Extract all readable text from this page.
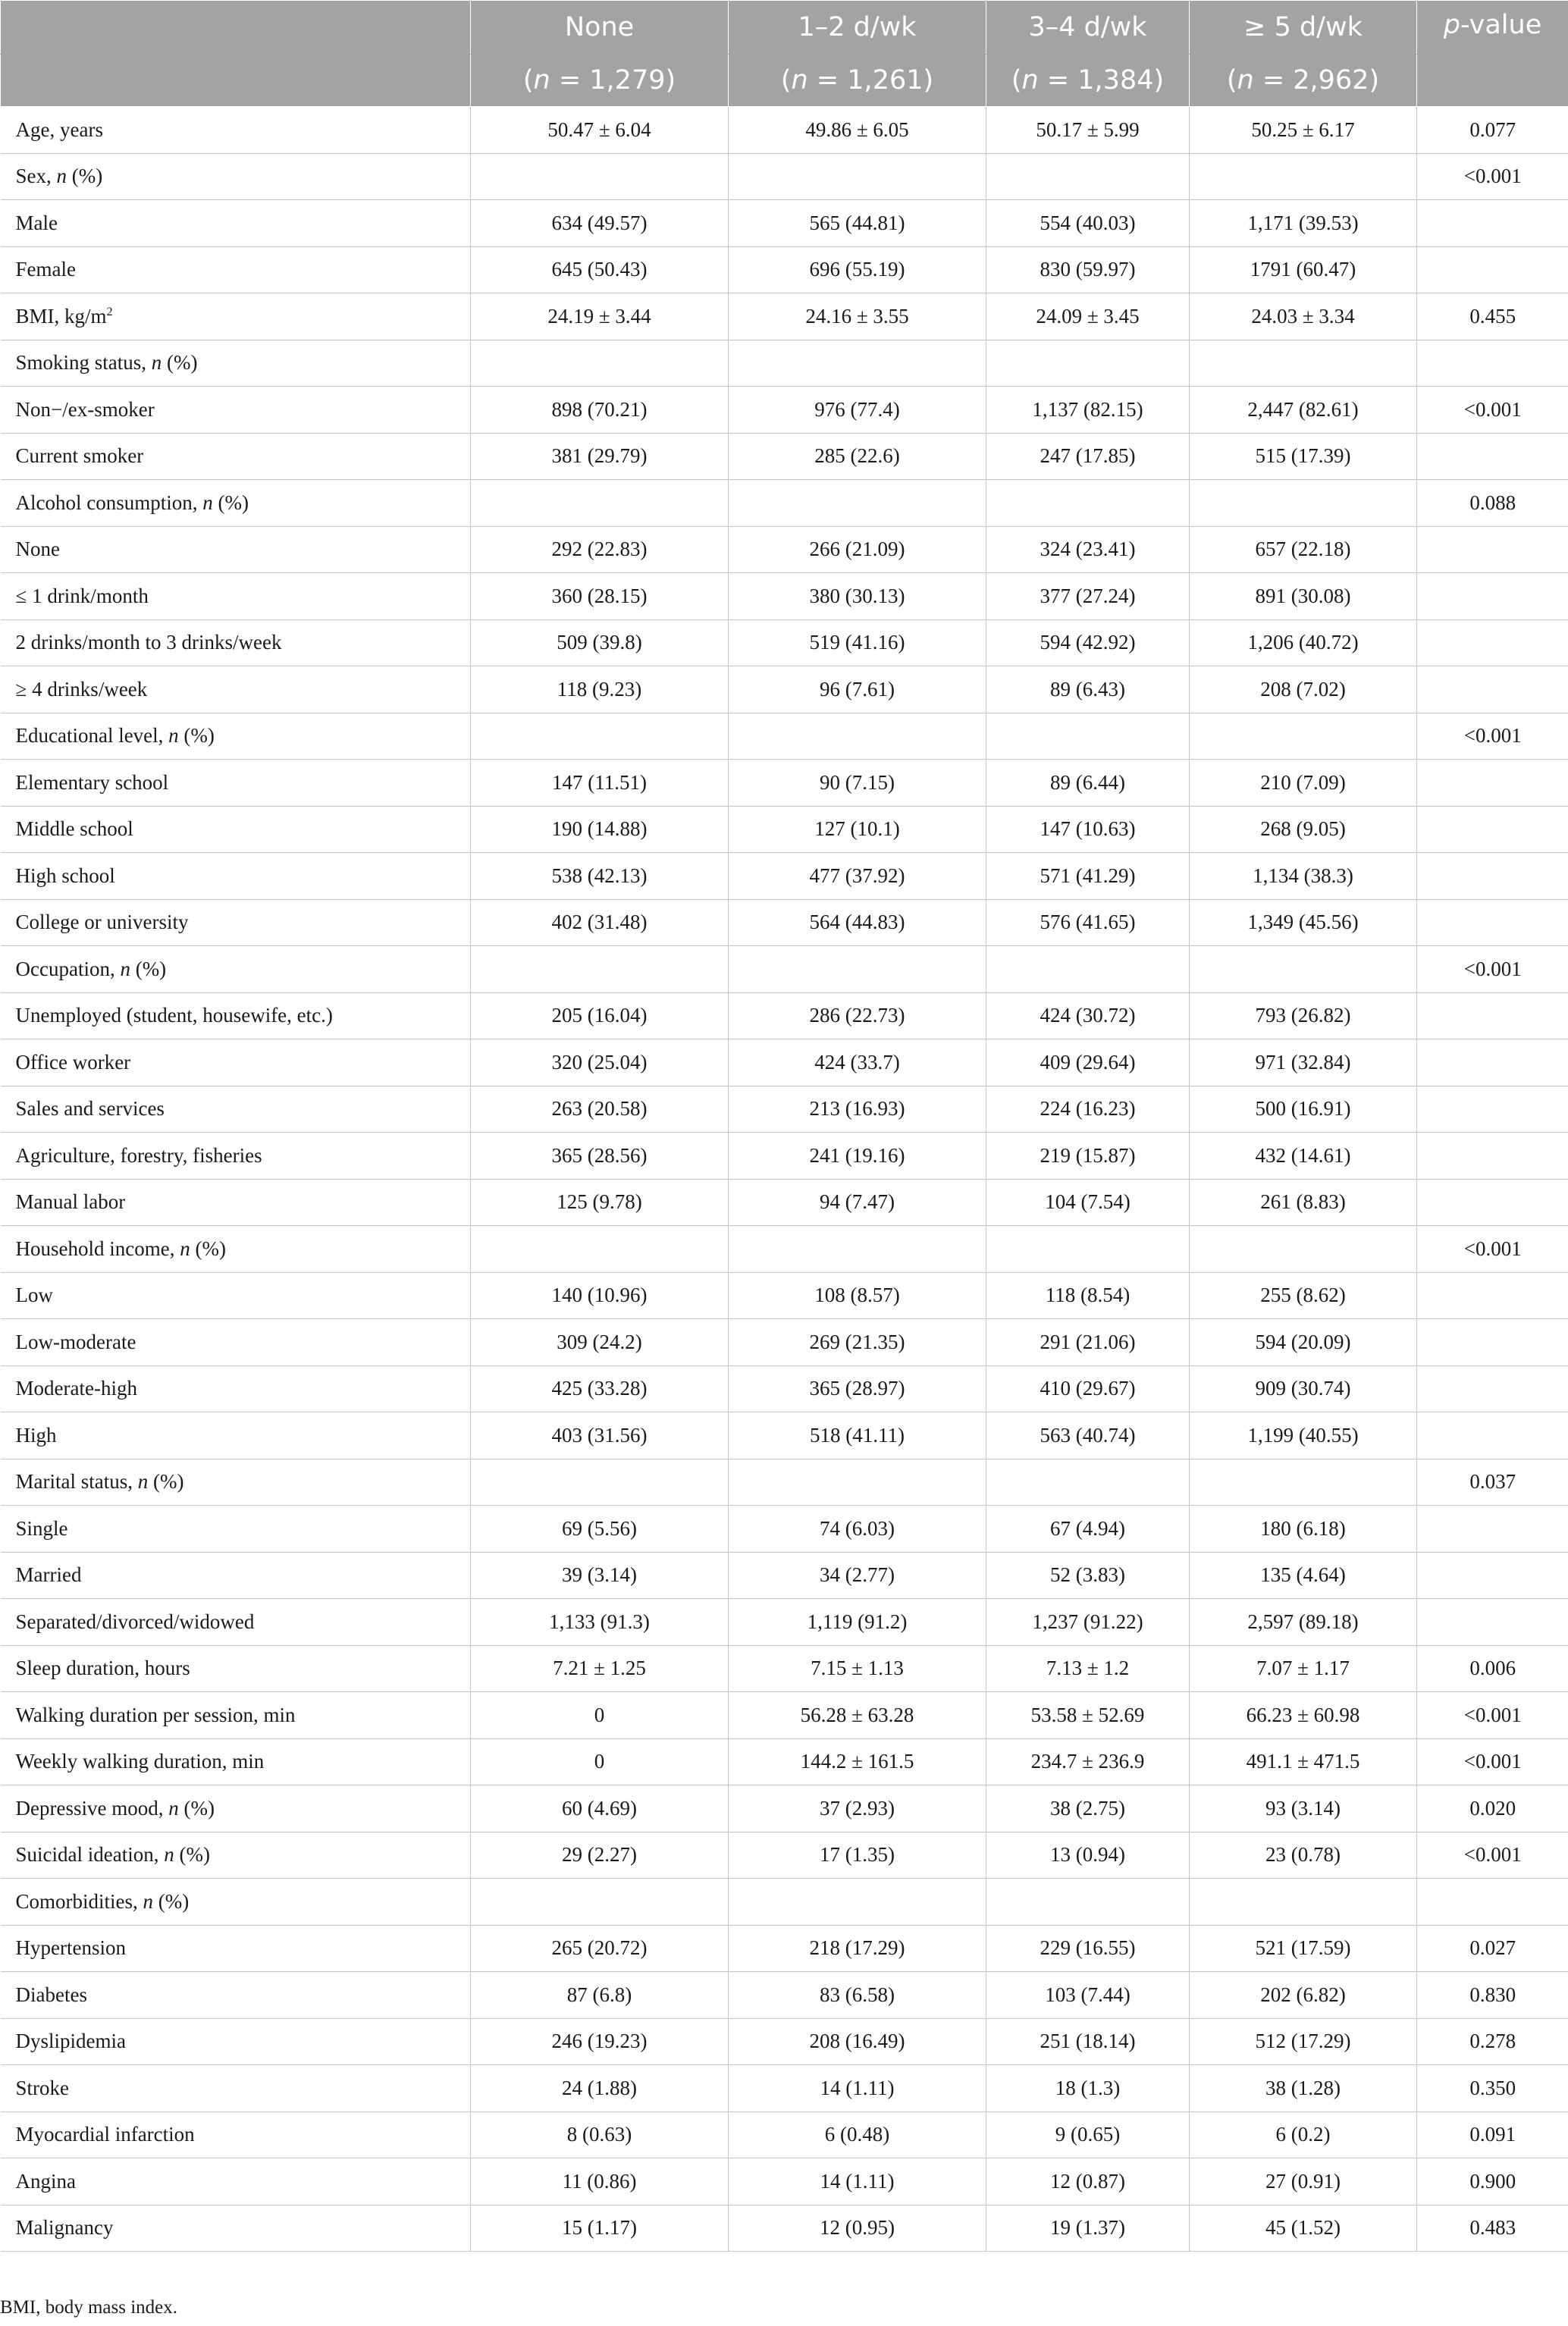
	None	1–2 d/wk	3–4 d/wk	≥ 5 d/wk	p-value
	(n = 1,279)	(n = 1,261)	(n = 1,384)	(n = 2,962)	
Age, years	50.47 ± 6.04	49.86 ± 6.05	50.17 ± 5.99	50.25 ± 6.17	0.077
Sex, n (%)					<0.001
Male	634 (49.57)	565 (44.81)	554 (40.03)	1,171 (39.53)	
Female	645 (50.43)	696 (55.19)	830 (59.97)	1791 (60.47)	
BMI, $kg/m^2$	24.19 ± 3.44	24.16 ± 3.55	24.09 ± 3.45	24.03 ± 3.34	0.455
Smoking status, n (%)					
Non−/ex-smoker	898 (70.21)	976 (77.4)	1,137 (82.15)	2,447 (82.61)	<0.001
Current smoker	381 (29.79)	285 (22.6)	247 (17.85)	515 (17.39)	
Alcohol consumption, n (%)					0.088
None	292 (22.83)	266 (21.09)	324 (23.41)	657 (22.18)	
≤ 1 drink/month	360 (28.15)	380 (30.13)	377 (27.24)	891 (30.08)	
2 drinks/month to 3 drinks/week	509 (39.8)	519 (41.16)	594 (42.92)	1,206 (40.72)	
≥ 4 drinks/week	118 (9.23)	96 (7.61)	89 (6.43)	208 (7.02)	
Educational level, n (%)					<0.001
Elementary school	147 (11.51)	90 (7.15)	89 (6.44)	210 (7.09)	
Middle school	190 (14.88)	127 (10.1)	147 (10.63)	268 (9.05)	
High school	538 (42.13)	477 (37.92)	571 (41.29)	1,134 (38.3)	
College or university	402 (31.48)	564 (44.83)	576 (41.65)	1,349 (45.56)	
Occupation, n (%)					<0.001
Unemployed (student, housewife, etc.)	205 (16.04)	286 (22.73)	424 (30.72)	793 (26.82)	
Office worker	320 (25.04)	424 (33.7)	409 (29.64)	971 (32.84)	
Sales and services	263 (20.58)	213 (16.93)	224 (16.23)	500 (16.91)	
Agriculture, forestry, fisheries	365 (28.56)	241 (19.16)	219 (15.87)	432 (14.61)	
Manual labor	125 (9.78)	94 (7.47)	104 (7.54)	261 (8.83)	
Household income, n (%)					<0.001
Low	140 (10.96)	108 (8.57)	118 (8.54)	255 (8.62)	
Low-moderate	309 (24.2)	269 (21.35)	291 (21.06)	594 (20.09)	
Moderate-high	425 (33.28)	365 (28.97)	410 (29.67)	909 (30.74)	
High	403 (31.56)	518 (41.11)	563 (40.74)	1,199 (40.55)	
Marital status, n (%)					0.037
Single	69 (5.56)	74 (6.03)	67 (4.94)	180 (6.18)	
Married	39 (3.14)	34 (2.77)	52 (3.83)	135 (4.64)	
Separated/divorced/widowed	1,133 (91.3)	1,119 (91.2)	1,237 (91.22)	2,597 (89.18)	
Sleep duration, hours	7.21 ± 1.25	7.15 ± 1.13	7.13 ± 1.2	7.07 ± 1.17	0.006
Walking duration per session, min	0	56.28 ± 63.28	53.58 ± 52.69	66.23 ± 60.98	<0.001
Weekly walking duration, min	0	144.2 ± 161.5	234.7 ± 236.9	491.1 ± 471.5	<0.001
Depressive mood, n (%)	60 (4.69)	37 (2.93)	38 (2.75)	93 (3.14)	0.020
Suicidal ideation, n (%)	29 (2.27)	17 (1.35)	13 (0.94)	23 (0.78)	<0.001
Comorbidities, n (%)					
Hypertension	265 (20.72)	218 (17.29)	229 (16.55)	521 (17.59)	0.027
Diabetes	87 (6.8)	83 (6.58)	103 (7.44)	202 (6.82)	0.830
Dyslipidemia	246 (19.23)	208 (16.49)	251 (18.14)	512 (17.29)	0.278
Stroke	24 (1.88)	14 (1.11)	18 (1.3)	38 (1.28)	0.350
Myocardial infarction	8 (0.63)	6 (0.48)	9 (0.65)	6 (0.2)	0.091
Angina	11 (0.86)	14 (1.11)	12 (0.87)	27 (0.91)	0.900
Malignancy	15 (1.17)	12 (0.95)	19 (1.37)	45 (1.52)	0.483
BMI, body mass index.
